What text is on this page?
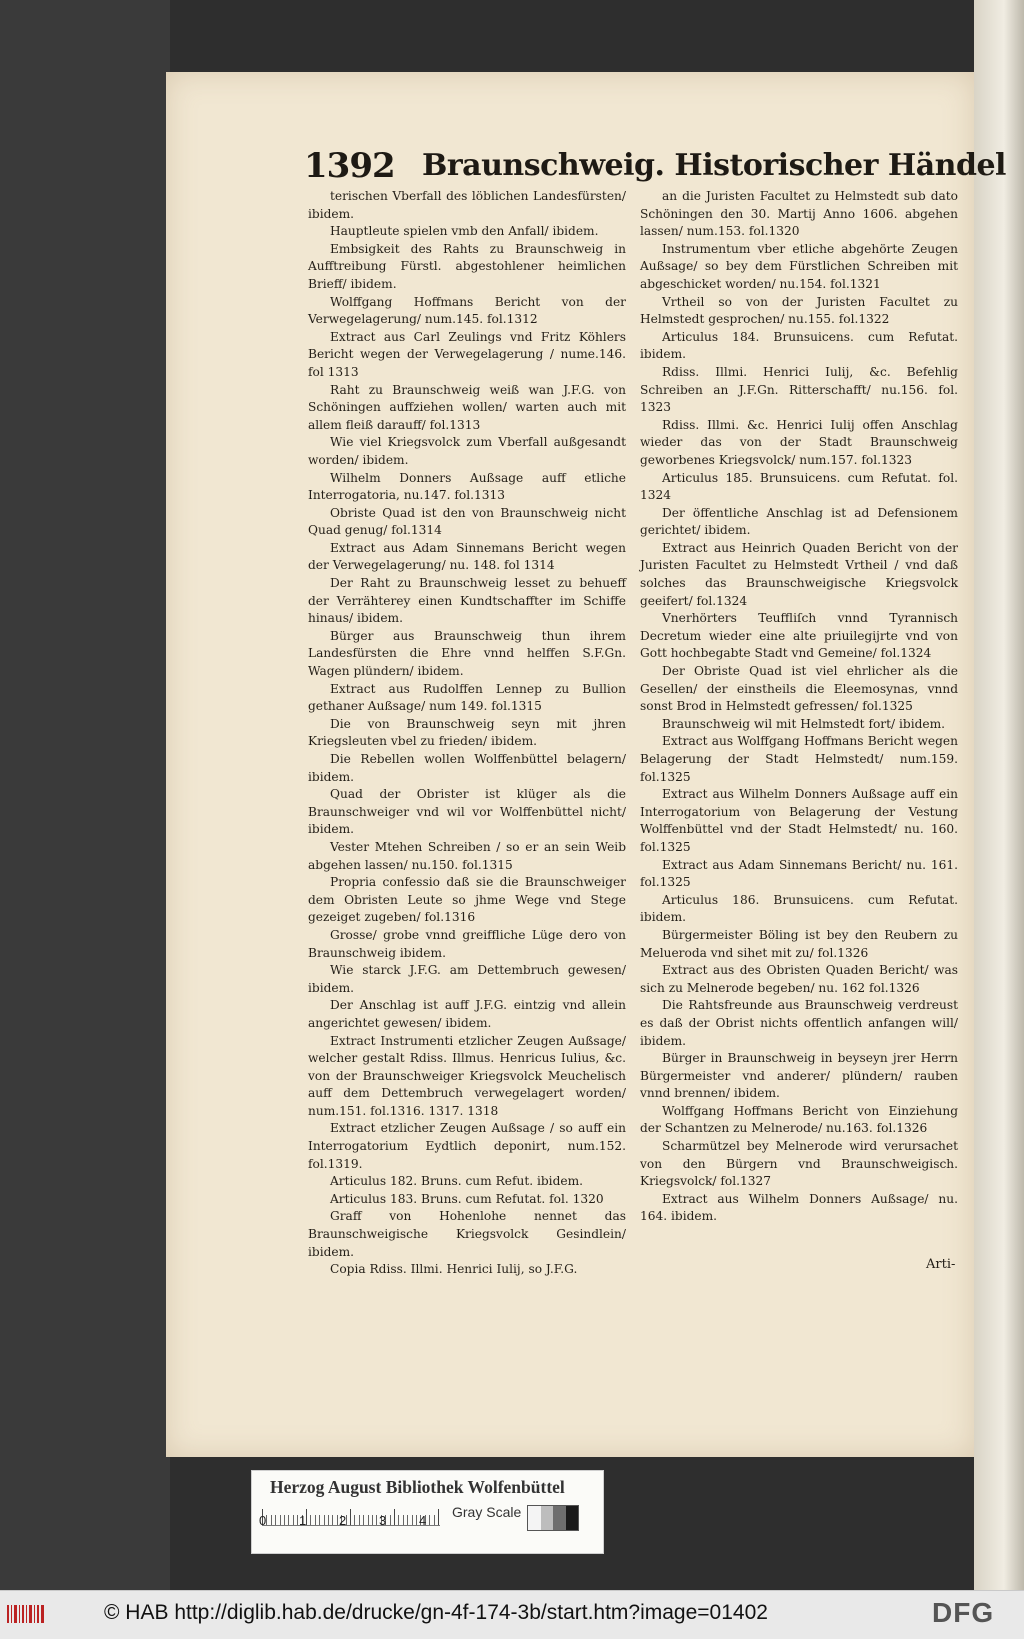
1392 Braunschweig. Historischer Händel

terischen Vberfall des löblichen Landesfürsten/ ibidem.

Hauptleute spielen vmb den Anfall/ ibidem.

Embsigkeit des Rahts zu Braunschweig in Aufftreibung Fürstl. abgestohlener heimlichen Brieff/ ibidem.

Wolffgang Hoffmans Bericht von der Verwegelagerung/ num.145. fol.1312

Extract aus Carl Zeulings vnd Fritz Köhlers Bericht wegen der Verwegelagerung / nume.146. fol 1313

Raht zu Braunschweig weiß wan J.F.G. von Schöningen auffziehen wollen/ warten auch mit allem fleiß darauff/ fol.1313

Wie viel Kriegsvolck zum Vberfall außgesandt worden/ ibidem.

Wilhelm Donners Außsage auff etliche Interrogatoria, nu.147. fol.1313

Obriste Quad ist den von Braunschweig nicht Quad genug/ fol.1314

Extract aus Adam Sinnemans Bericht wegen der Verwegelagerung/ nu. 148. fol 1314

Der Raht zu Braunschweig lesset zu behueff der Verrähterey einen Kundtschaffter im Schiffe hinaus/ ibidem.

Bürger aus Braunschweig thun ihrem Landesfürsten die Ehre vnnd helffen S.F.Gn. Wagen plündern/ ibidem.

Extract aus Rudolffen Lennep zu Bullion gethaner Außsage/ num 149. fol.1315

Die von Braunschweig seyn mit jhren Kriegsleuten vbel zu frieden/ ibidem.

Die Rebellen wollen Wolffenbüttel belagern/ ibidem.

Quad der Obrister ist klüger als die Braunschweiger vnd wil vor Wolffenbüttel nicht/ ibidem.

Vester Mtehen Schreiben / so er an sein Weib abgehen lassen/ nu.150. fol.1315

Propria confessio daß sie die Braunschweiger dem Obristen Leute so jhme Wege vnd Stege gezeiget zugeben/ fol.1316

Grosse/ grobe vnnd greiffliche Lüge dero von Braunschweig ibidem.

Wie starck J.F.G. am Dettembruch gewesen/ ibidem.

Der Anschlag ist auff J.F.G. eintzig vnd allein angerichtet gewesen/ ibidem.

Extract Instrumenti etzlicher Zeugen Außsage/ welcher gestalt Rdiss. Illmus. Henricus Iulius, &c. von der Braunschweiger Kriegsvolck Meuchelisch auff dem Dettembruch verwegelagert worden/ num.151. fol.1316. 1317. 1318

Extract etzlicher Zeugen Außsage / so auff ein Interrogatorium Eydtlich deponirt, num.152. fol.1319.

Articulus 182. Bruns. cum Refut. ibidem.

Articulus 183. Bruns. cum Refutat. fol. 1320

Graff von Hohenlohe nennet das Braunschweigische Kriegsvolck Gesindlein/ ibidem.

Copia Rdiss. Illmi. Henrici Iulij, so J.F.G.

an die Juristen Facultet zu Helmstedt sub dato Schöningen den 30. Martij Anno 1606. abgehen lassen/ num.153. fol.1320

Instrumentum vber etliche abgehörte Zeugen Außsage/ so bey dem Fürstlichen Schreiben mit abgeschicket worden/ nu.154. fol.1321

Vrtheil so von der Juristen Facultet zu Helmstedt gesprochen/ nu.155. fol.1322

Articulus 184. Brunsuicens. cum Refutat. ibidem.

Rdiss. Illmi. Henrici Iulij, &c. Befehlig Schreiben an J.F.Gn. Ritterschafft/ nu.156. fol. 1323

Rdiss. Illmi. &c. Henrici Iulij offen Anschlag wieder das von der Stadt Braunschweig geworbenes Kriegsvolck/ num.157. fol.1323

Articulus 185. Brunsuicens. cum Refutat. fol. 1324

Der öffentliche Anschlag ist ad Defensionem gerichtet/ ibidem.

Extract aus Heinrich Quaden Bericht von der Juristen Facultet zu Helmstedt Vrtheil / vnd daß solches das Braunschweigische Kriegsvolck geeifert/ fol.1324

Vnerhörters Teuffliſch vnnd Tyrannisch Decretum wieder eine alte priuilegijrte vnd von Gott hochbegabte Stadt vnd Gemeine/ fol.1324

Der Obriste Quad ist viel ehrlicher als die Gesellen/ der einstheils die Eleemosynas, vnnd sonst Brod in Helmstedt gefressen/ fol.1325

Braunschweig wil mit Helmstedt fort/ ibidem.

Extract aus Wolffgang Hoffmans Bericht wegen Belagerung der Stadt Helmstedt/ num.159. fol.1325

Extract aus Wilhelm Donners Außsage auff ein Interrogatorium von Belagerung der Vestung Wolffenbüttel vnd der Stadt Helmstedt/ nu. 160. fol.1325

Extract aus Adam Sinnemans Bericht/ nu. 161. fol.1325

Articulus 186. Brunsuicens. cum Refutat. ibidem.

Bürgermeister Böling ist bey den Reubern zu Melueroda vnd sihet mit zu/ fol.1326

Extract aus des Obristen Quaden Bericht/ was sich zu Melnerode begeben/ nu. 162 fol.1326

Die Rahtsfreunde aus Braunschweig verdreust es daß der Obrist nichts offentlich anfangen will/ ibidem.

Bürger in Braunschweig in beyseyn jrer Herrn Bürgermeister vnd anderer/ plündern/ rauben vnnd brennen/ ibidem.

Wolffgang Hoffmans Bericht von Einziehung der Schantzen zu Melnerode/ nu.163. fol.1326

Scharmützel bey Melnerode wird verursachet von den Bürgern vnd Braunschweigisch. Kriegsvolck/ fol.1327

Extract aus Wilhelm Donners Außsage/ nu. 164. ibidem.

Arti-
Herzog August Bibliothek Wolfenbüttel
0	1	2	3	4
Gray Scale
© HAB http://diglib.hab.de/drucke/gn-4f-174-3b/start.htm?image=01402	DFG
